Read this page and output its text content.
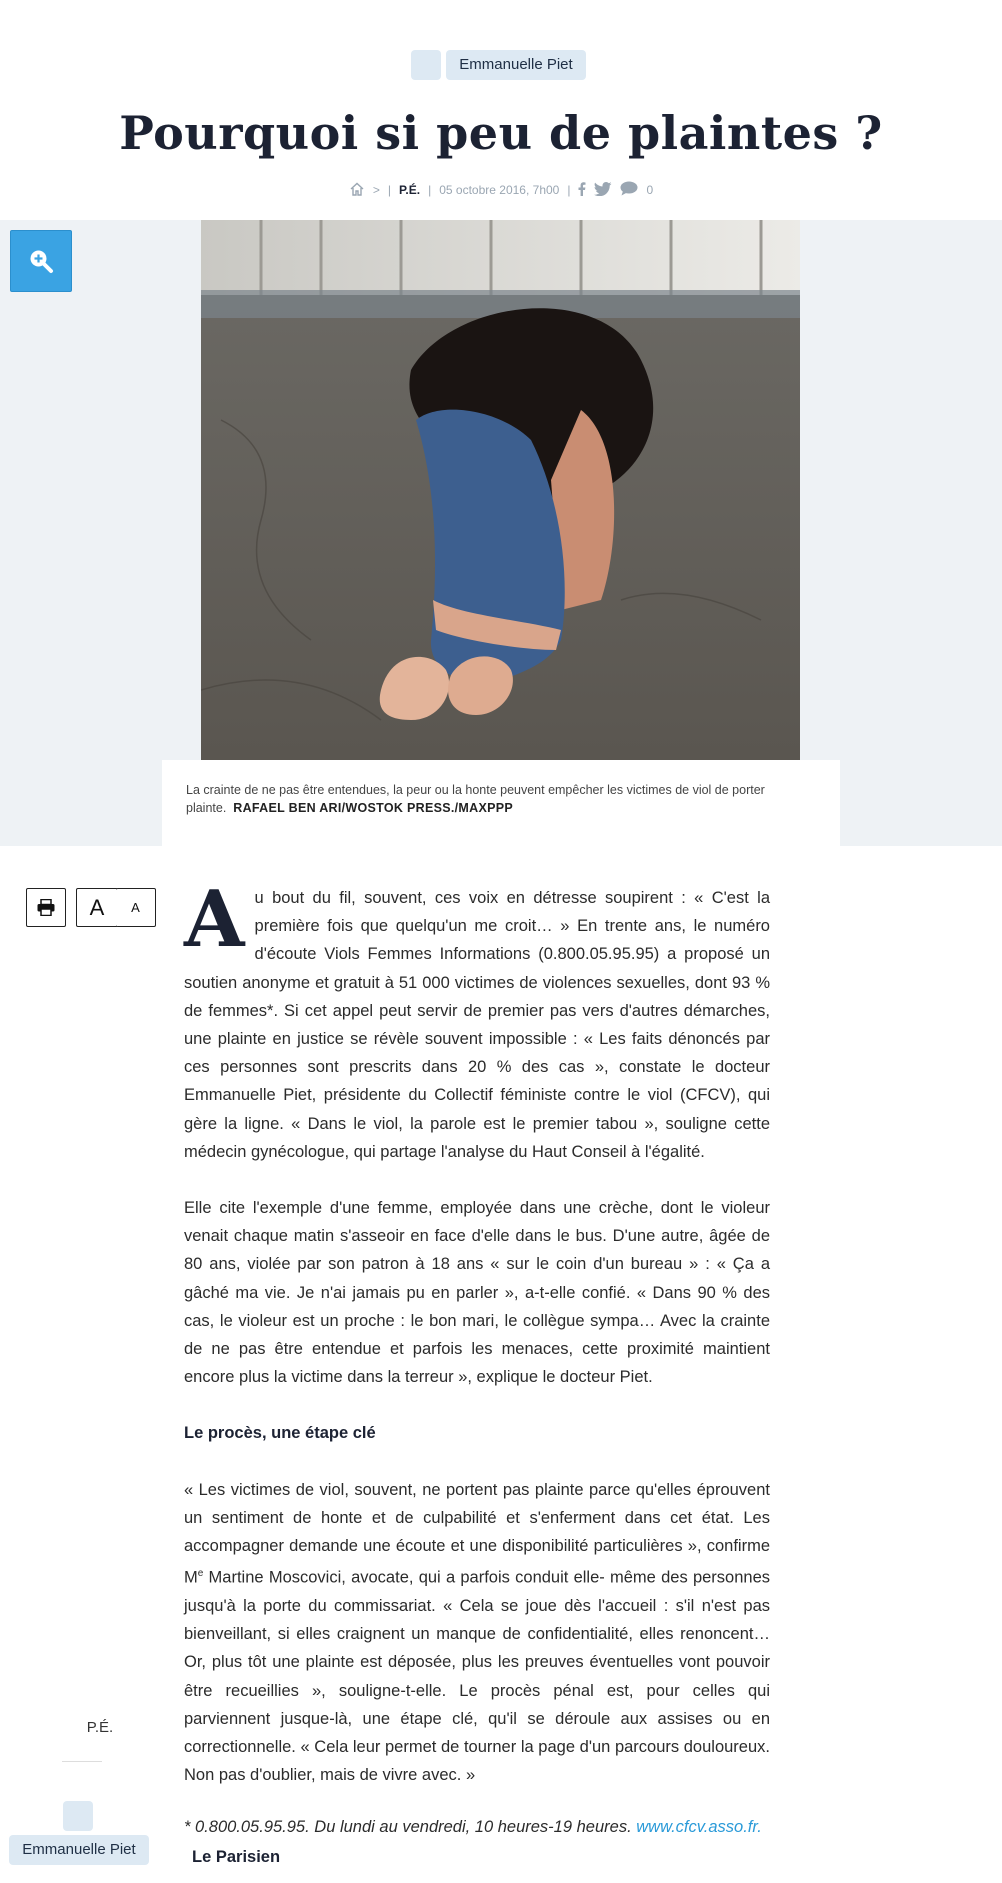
Emmanuelle Piet
Pourquoi si peu de plaintes ?
> | P.É. | 05 octobre 2016, 7h00 |	0
La crainte de ne pas être entendues, la peur ou la honte peuvent empêcher les victimes de viol de porter plainte. RAFAEL BEN ARI/WOSTOK PRESS./MAXPPP
A	A Au bout du fil, souvent, ces voix en détresse soupirent : « C'est la première fois que quelqu'un me croit… » En trente ans, le numéro d'écoute Viols Femmes Informations (0.800.05.95.95) a proposé un soutien anonyme et gratuit à 51 000 victimes de violences sexuelles, dont 93 % de femmes*. Si cet appel peut servir de premier pas vers d'autres démarches, une plainte en justice se révèle souvent impossible : « Les faits dénoncés par ces personnes sont prescrits dans 20 % des cas », constate le docteur Emmanuelle Piet, présidente du Collectif féministe contre le viol (CFCV), qui gère la ligne. « Dans le viol, la parole est le premier tabou », souligne cette médecin gynécologue, qui partage l'analyse du Haut Conseil à l'égalité.

Elle cite l'exemple d'une femme, employée dans une crèche, dont le violeur venait chaque matin s'asseoir en face d'elle dans le bus. D'une autre, âgée de 80 ans, violée par son patron à 18 ans « sur le coin d'un bureau » : « Ça a gâché ma vie. Je n'ai jamais pu en parler », a-t-elle confié. « Dans 90 % des cas, le violeur est un proche : le bon mari, le collègue sympa… Avec la crainte de ne pas être entendue et parfois les menaces, cette proximité maintient encore plus la victime dans la terreur », explique le docteur Piet.

Le procès, une étape clé

« Les victimes de viol, souvent, ne portent pas plainte parce qu'elles éprouvent un sentiment de honte et de culpabilité et s'enferment dans cet état. Les accompagner demande une écoute et une disponibilité particulières », confirme Me Martine Moscovici, avocate, qui a parfois conduit elle- même des personnes jusqu'à la porte du commissariat. « Cela se joue dès l'accueil : s'il n'est pas bienveillant, si elles craignent un manque de confidentialité, elles renoncent… Or, plus tôt une plainte est déposée, plus les preuves éventuelles vont pouvoir être recueillies », souligne-t-elle. Le procès pénal est, pour celles qui parviennent jusque-là, une étape clé, qu'il se déroule aux assises ou en correctionnelle. « Cela leur permet de tourner la page d'un parcours douloureux. Non pas d'oublier, mais de vivre avec. »

* 0.800.05.95.95. Du lundi au vendredi, 10 heures-19 heures. www.cfcv.asso.fr.

Le Parisien

P.É.
Emmanuelle Piet
